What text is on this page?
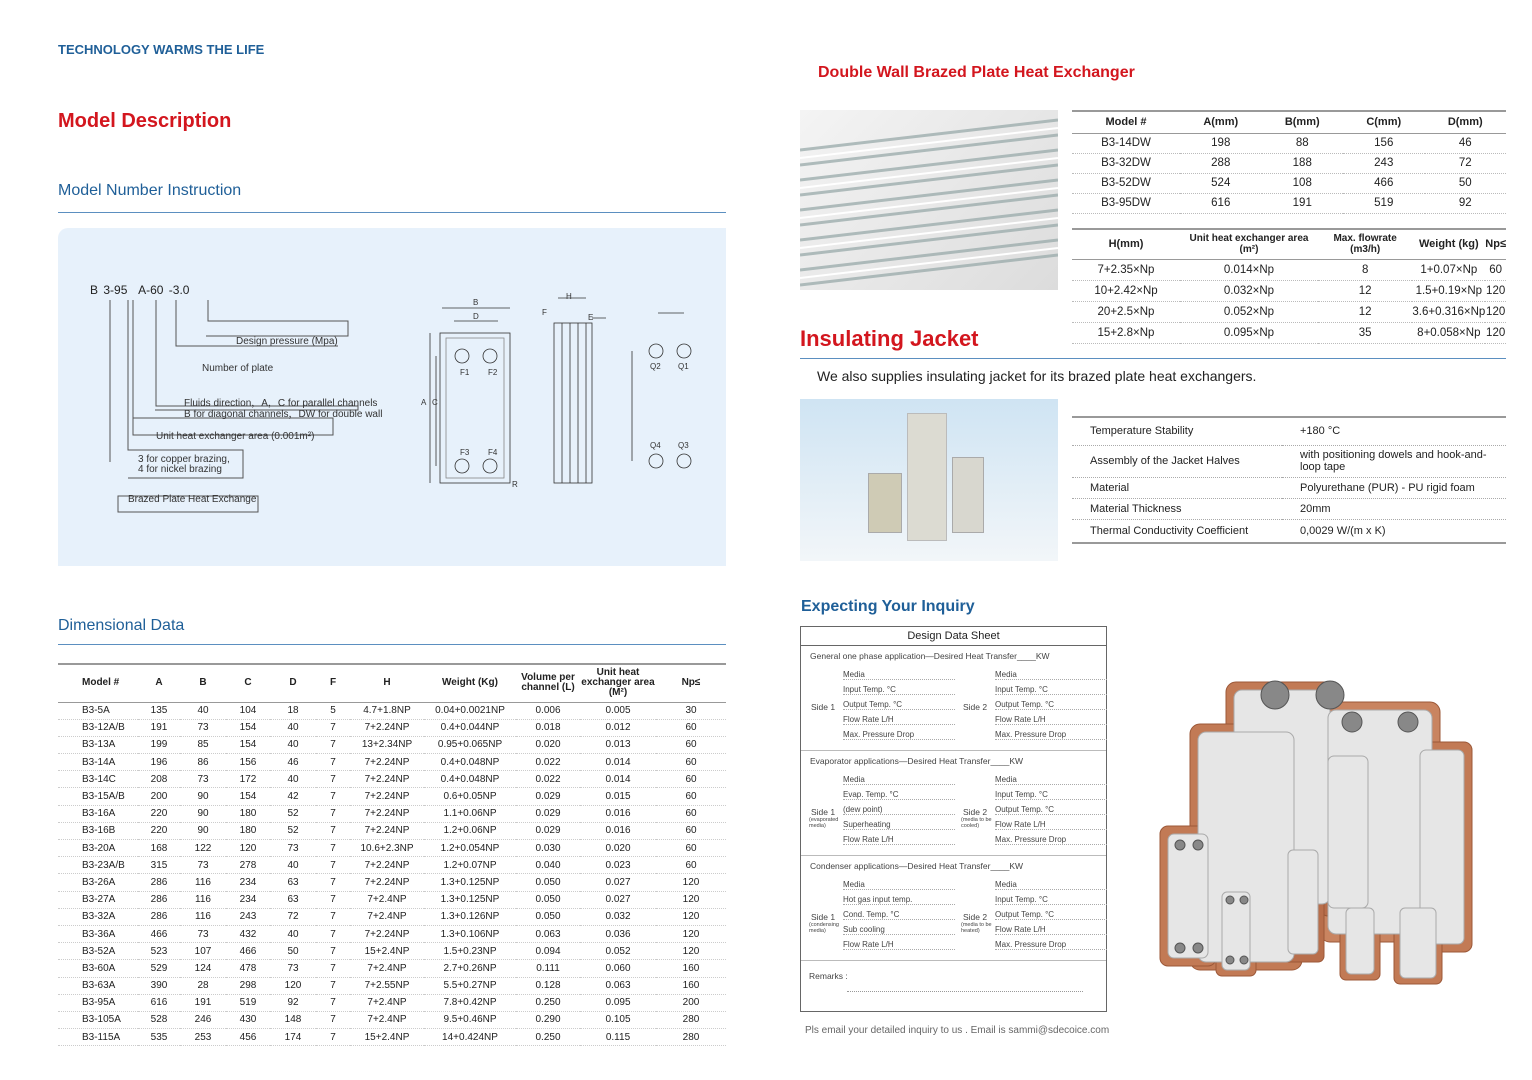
TECHNOLOGY WARMS THE LIFE
Model Description
Model Number Instruction
B 3-95 A-60 -3.0
Design pressure (Mpa)
Number of plate
Fluids direction，A，C for parallel channels
B for diagonal channels，DW for double wall
Unit heat exchanger area (0.001m²)
3 for copper brazing,
4 for nickel brazing
Brazed Plate Heat Exchange
B
D
A C
H
F
E
R
F1 F2
F3 F4
Q1
Q2
Q3
Q4
Dimensional Data
Model #	A	B	C	D	F	H	Weight (Kg)	Volume per channel (L)	Unit heat exchanger area (M²)	Np≤
B3-5A	135	40	104	18	5	4.7+1.8NP	0.04+0.0021NP	0.006	0.005	30
B3-12A/B	191	73	154	40	7	7+2.24NP	0.4+0.044NP	0.018	0.012	60
B3-13A	199	85	154	40	7	13+2.34NP	0.95+0.065NP	0.020	0.013	60
B3-14A	196	86	156	46	7	7+2.24NP	0.4+0.048NP	0.022	0.014	60
B3-14C	208	73	172	40	7	7+2.24NP	0.4+0.048NP	0.022	0.014	60
B3-15A/B	200	90	154	42	7	7+2.24NP	0.6+0.05NP	0.029	0.015	60
B3-16A	220	90	180	52	7	7+2.24NP	1.1+0.06NP	0.029	0.016	60
B3-16B	220	90	180	52	7	7+2.24NP	1.2+0.06NP	0.029	0.016	60
B3-20A	168	122	120	73	7	10.6+2.3NP	1.2+0.054NP	0.030	0.020	60
B3-23A/B	315	73	278	40	7	7+2.24NP	1.2+0.07NP	0.040	0.023	60
B3-26A	286	116	234	63	7	7+2.24NP	1.3+0.125NP	0.050	0.027	120
B3-27A	286	116	234	63	7	7+2.4NP	1.3+0.125NP	0.050	0.027	120
B3-32A	286	116	243	72	7	7+2.4NP	1.3+0.126NP	0.050	0.032	120
B3-36A	466	73	432	40	7	7+2.24NP	1.3+0.106NP	0.063	0.036	120
B3-52A	523	107	466	50	7	15+2.4NP	1.5+0.23NP	0.094	0.052	120
B3-60A	529	124	478	73	7	7+2.4NP	2.7+0.26NP	0.111	0.060	160
B3-63A	390	28	298	120	7	7+2.55NP	5.5+0.27NP	0.128	0.063	160
B3-95A	616	191	519	92	7	7+2.4NP	7.8+0.42NP	0.250	0.095	200
B3-105A	528	246	430	148	7	7+2.4NP	9.5+0.46NP	0.290	0.105	280
B3-115A	535	253	456	174	7	15+2.4NP	14+0.424NP	0.250	0.115	280
Double Wall Brazed Plate Heat Exchanger
Model #	A(mm)	B(mm)	C(mm)	D(mm)
B3-14DW	198	88	156	46
B3-32DW	288	188	243	72
B3-52DW	524	108	466	50
B3-95DW	616	191	519	92
H(mm)	Unit heat exchanger area (m²)	Max. flowrate (m3/h)	Weight (kg)	Np≤
7+2.35×Np	0.014×Np	8	1+0.07×Np	60
10+2.42×Np	0.032×Np	12	1.5+0.19×Np	120
20+2.5×Np	0.052×Np	12	3.6+0.316×Np	120
15+2.8×Np	0.095×Np	35	8+0.058×Np	120
Insulating Jacket
We also supplies insulating jacket for its brazed plate heat exchangers.
Temperature Stability	+180 °C
Assembly of the Jacket Halves	with positioning dowels and hook-and-loop tape
Material	Polyurethane (PUR) - PU rigid foam
Material Thickness	20mm
Thermal Conductivity Coefficient	0,0029 W/(m x K)
Expecting Your Inquiry
Design Data Sheet
General one phase application—Desired Heat Transfer____KW
Side 1
Media
Input Temp. °C
Output Temp. °C
Flow Rate L/H
Max. Pressure Drop
Side 2
Media
Input Temp. °C
Output Temp. °C
Flow Rate L/H
Max. Pressure Drop
Evaporator applications—Desired Heat Transfer____KW
Side 1
(evaporated media)
Media
Evap. Temp. °C
(dew point)
Superheating
Flow Rate L/H
Side 2
(media to be cooled)
Media
Input Temp. °C
Output Temp. °C
Flow Rate L/H
Max. Pressure Drop
Condenser applications—Desired Heat Transfer____KW
Side 1
(condensing media)
Media
Hot gas input temp.
Cond. Temp. °C
Sub cooling
Flow Rate L/H
Side 2
(media to be heated)
Media
Input Temp. °C
Output Temp. °C
Flow Rate L/H
Max. Pressure Drop
Remarks :
Pls email your detailed inquiry to us . Email is sammi@sdecoice.com
